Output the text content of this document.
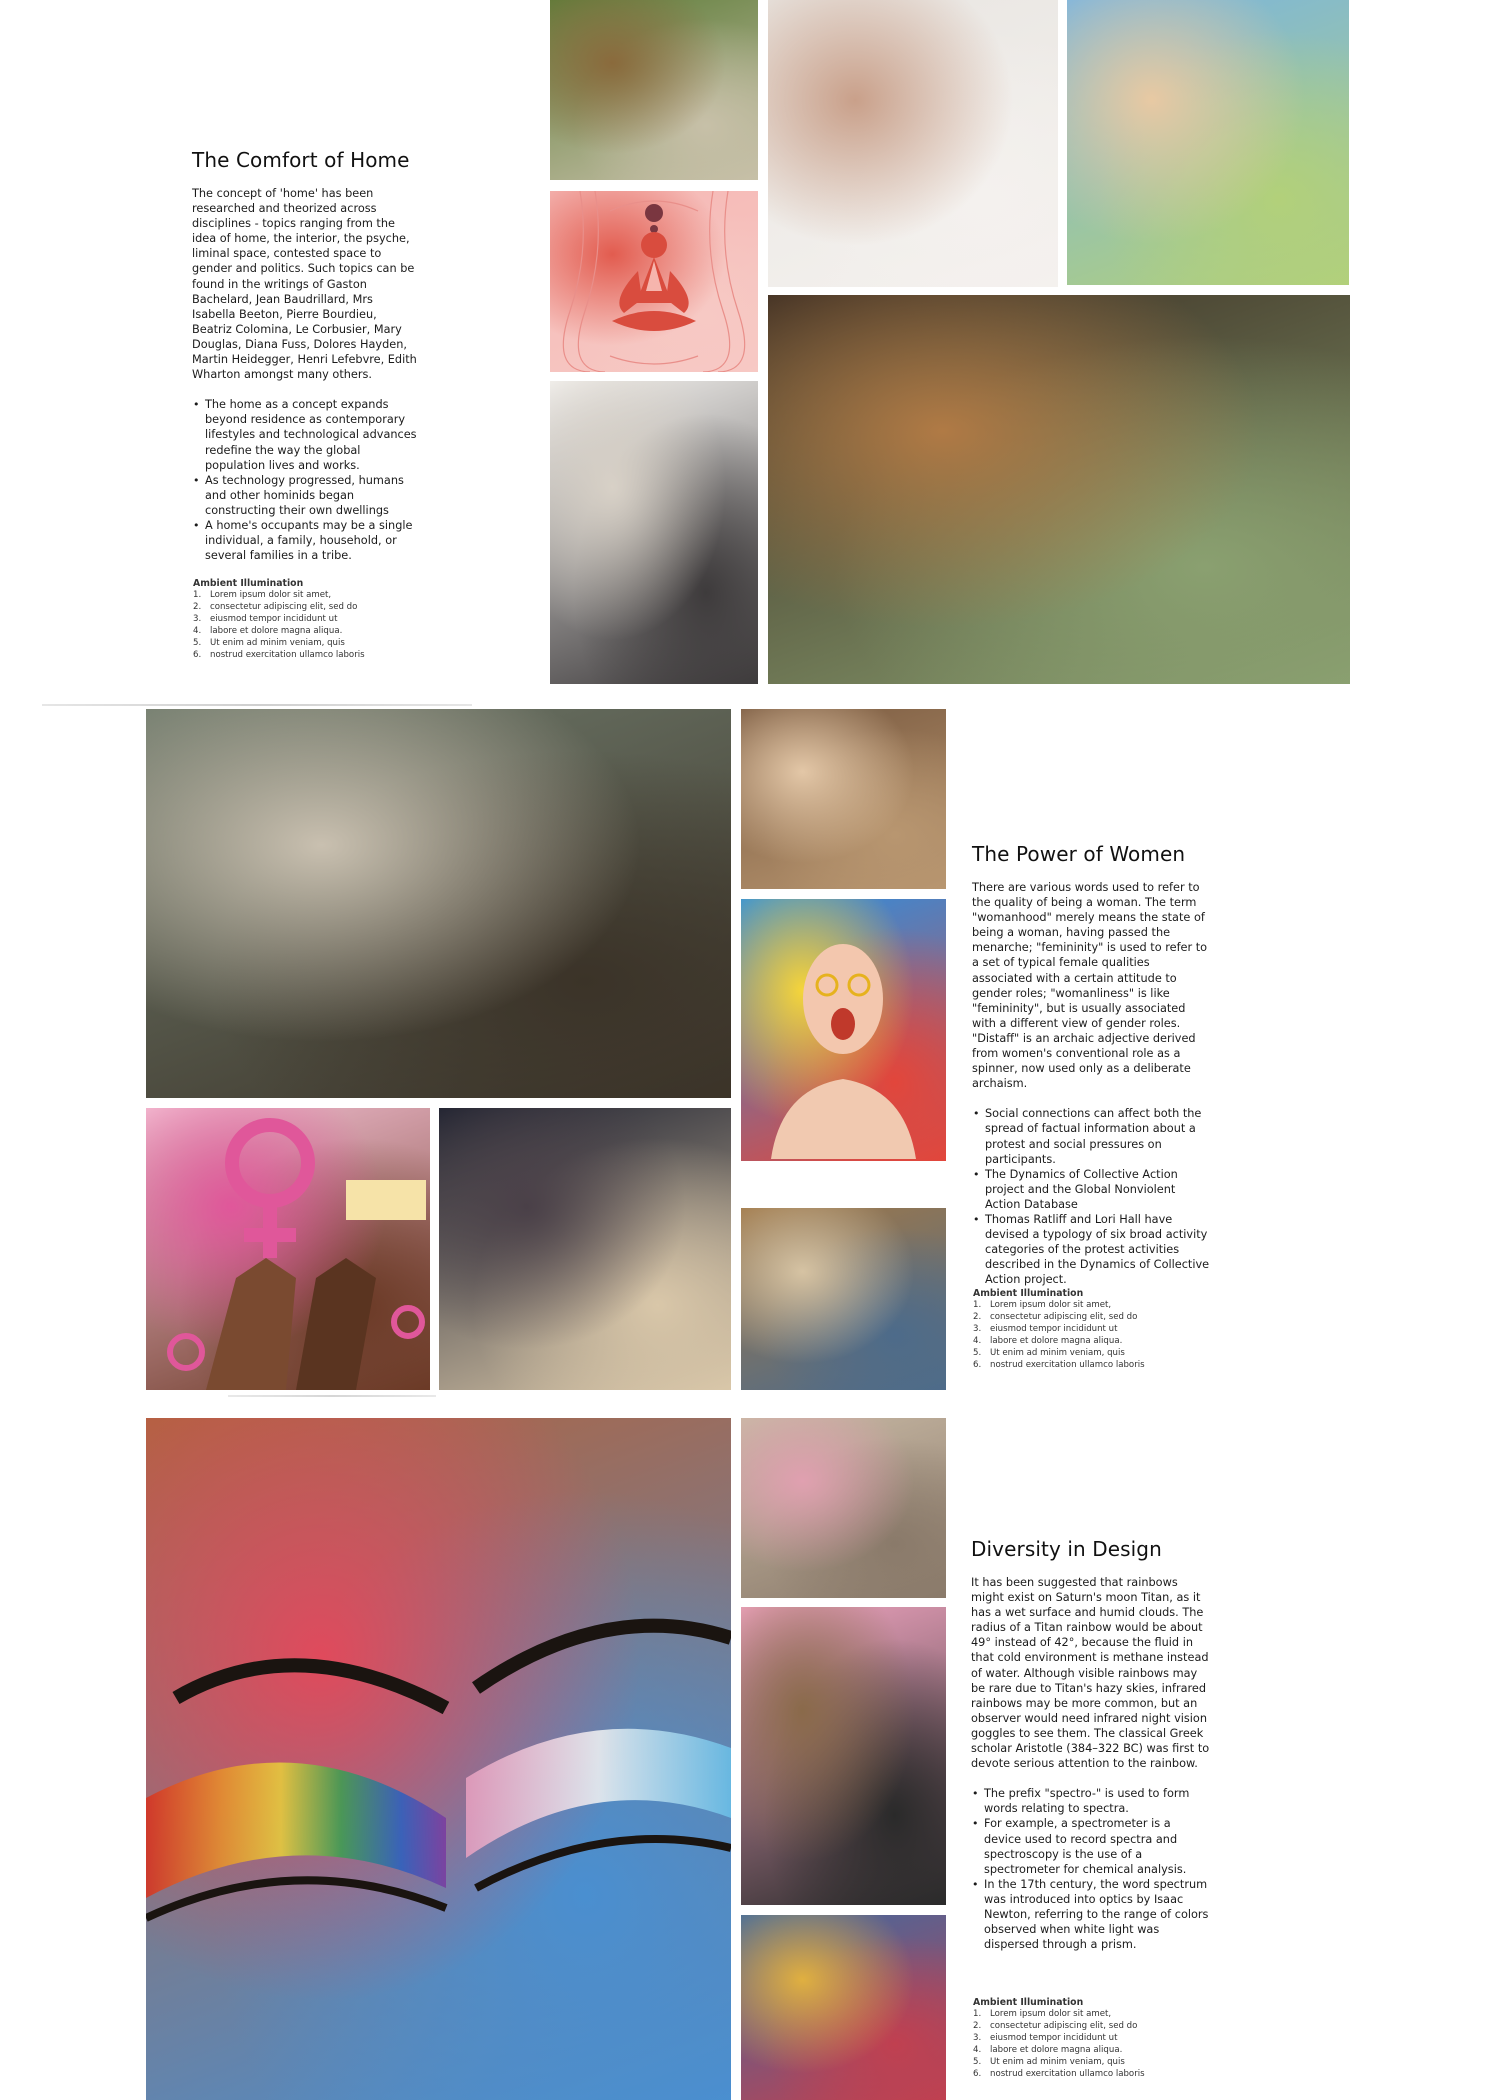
The Comfort of Home

The concept of 'home' has been researched and theorized across disciplines - topics ranging from the idea of home, the interior, the psyche, liminal space, contested space to gender and politics. Such topics can be found in the writings of Gaston Bachelard, Jean Baudrillard, Mrs Isabella Beeton, Pierre Bourdieu, Beatriz Colomina, Le Corbusier, Mary Douglas, Diana Fuss, Dolores Hayden, Martin Heidegger, Henri Lefebvre, Edith Wharton amongst many others.

• The home as a concept expands beyond residence as contemporary lifestyles and technological advances redefine the way the global population lives and works.
• As technology progressed, humans and other hominids began constructing their own dwellings
• A home's occupants may be a single individual, a family, household, or several families in a tribe.
Ambient Illumination
1.	Lorem ipsum dolor sit amet,
2.	consectetur adipiscing elit, sed do
3.	eiusmod tempor incididunt ut
4.	labore et dolore magna aliqua.
5.	Ut enim ad minim veniam, quis
6.	nostrud exercitation ullamco laboris
The Power of Women

There are various words used to refer to the quality of being a woman. The term "womanhood" merely means the state of being a woman, having passed the menarche; "femininity" is used to refer to a set of typical female qualities associated with a certain attitude to gender roles; "womanliness" is like "femininity", but is usually associated with a different view of gender roles. "Distaff" is an archaic adjective derived from women's conventional role as a spinner, now used only as a deliberate archaism.

• Social connections can affect both the spread of factual information about a protest and social pressures on participants.
• The Dynamics of Collective Action project and the Global Nonviolent Action Database
• Thomas Ratliff and Lori Hall have devised a typology of six broad activity categories of the protest activities described in the Dynamics of Collective Action project.
Ambient Illumination
1.	Lorem ipsum dolor sit amet,
2.	consectetur adipiscing elit, sed do
3.	eiusmod tempor incididunt ut
4.	labore et dolore magna aliqua.
5.	Ut enim ad minim veniam, quis
6.	nostrud exercitation ullamco laboris
Diversity in Design

It has been suggested that rainbows might exist on Saturn's moon Titan, as it has a wet surface and humid clouds. The radius of a Titan rainbow would be about 49° instead of 42°, because the fluid in that cold environment is methane instead of water. Although visible rainbows may be rare due to Titan's hazy skies, infrared rainbows may be more common, but an observer would need infrared night vision goggles to see them. The classical Greek scholar Aristotle (384–322 BC) was first to devote serious attention to the rainbow.

• The prefix "spectro-" is used to form words relating to spectra.
• For example, a spectrometer is a device used to record spectra and spectroscopy is the use of a spectrometer for chemical analysis.
• In the 17th century, the word spectrum was introduced into optics by Isaac Newton, referring to the range of colors observed when white light was dispersed through a prism.
Ambient Illumination
1.	Lorem ipsum dolor sit amet,
2.	consectetur adipiscing elit, sed do
3.	eiusmod tempor incididunt ut
4.	labore et dolore magna aliqua.
5.	Ut enim ad minim veniam, quis
6.	nostrud exercitation ullamco laboris
